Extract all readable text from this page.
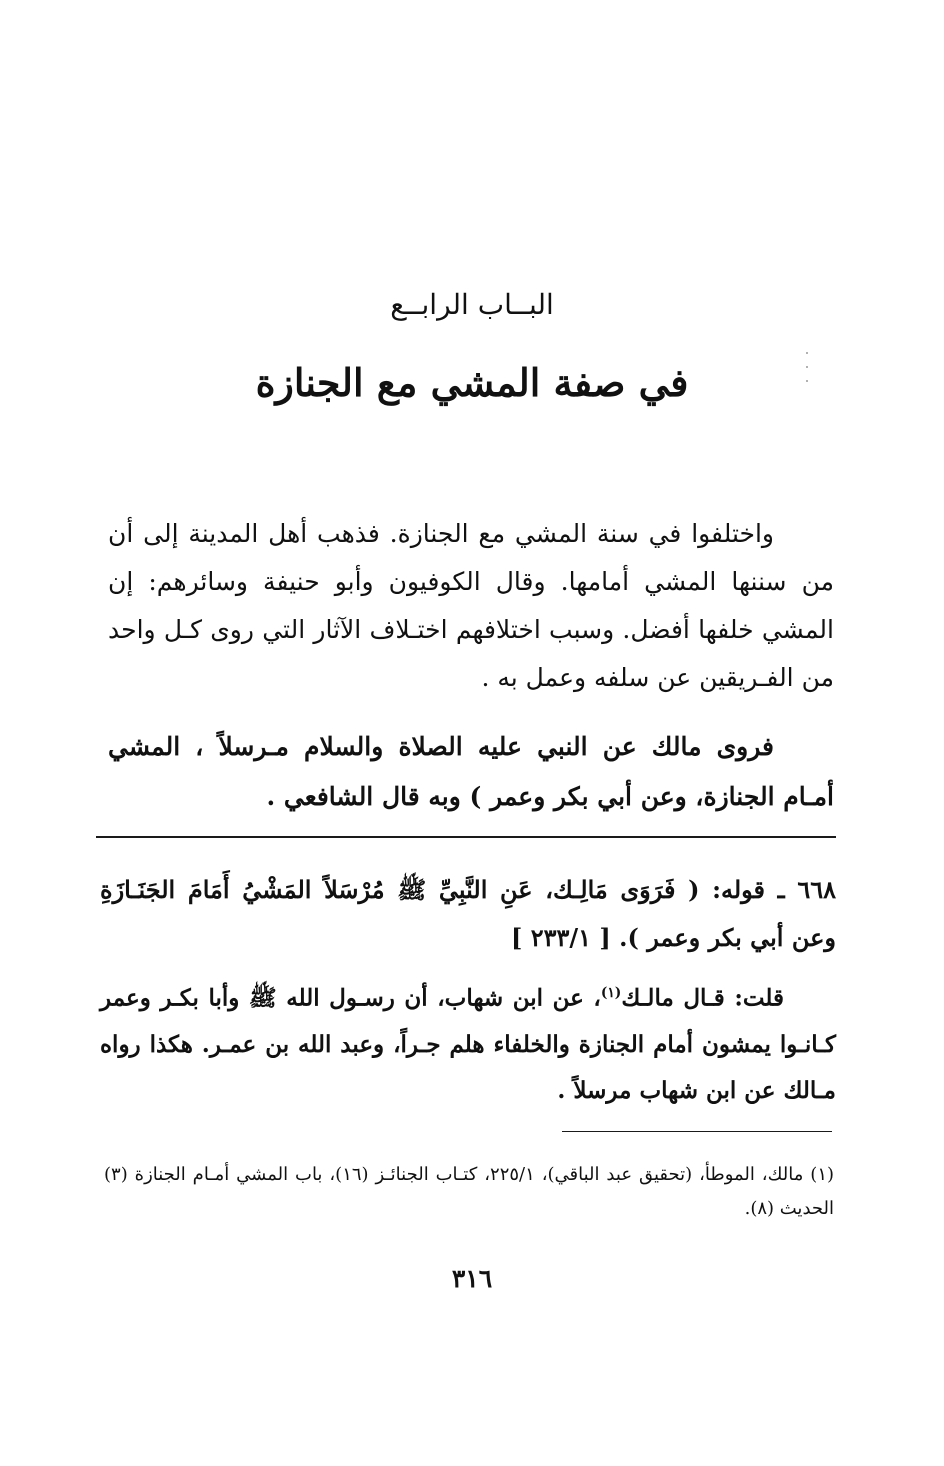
البــاب الرابــع
في صفة المشي مع الجنازة
واختلفوا في سنة المشي مع الجنازة. فذهب أهل المدينة إلى أن من سننها المشي أمامها. وقال الكوفيون وأبو حنيفة وسائرهم: إن المشي خلفها أفضل. وسبب اختلافهم اختـلاف الآثار التي روى كـل واحد من الفـريقين عن سلفه وعمل به .
فروى مالك عن النبي عليه الصلاة والسلام مـرسلاً ، المشي أمـام الجنازة، وعن أبي بكر وعمر ) وبه قال الشافعي .
٦٦٨ ـ قوله: ( فَرَوَى مَالِـك، عَنِ النَّبِيِّ ﷺ مُرْسَلاً المَشْيُ أَمَامَ الجَنَـازَةِ وعن أبي بكر وعمر ). [ ٢٣٣/١ ]
قلت: قـال مالـك$^{(١)}$، عن ابن شهاب، أن رسـول الله ﷺ وأبا بكـر وعمر كـانـوا يمشون أمام الجنازة والخلفاء هلم جـراً، وعبد الله بن عمـر. هكذا رواه مـالك عن ابن شهاب مرسلاً .
(١) مالك، الموطأ، (تحقيق عبد الباقي)، ٢٢٥/١، كتـاب الجنائـز (١٦)، باب المشي أمـام الجنازة (٣) الحديث (٨).
٣١٦
